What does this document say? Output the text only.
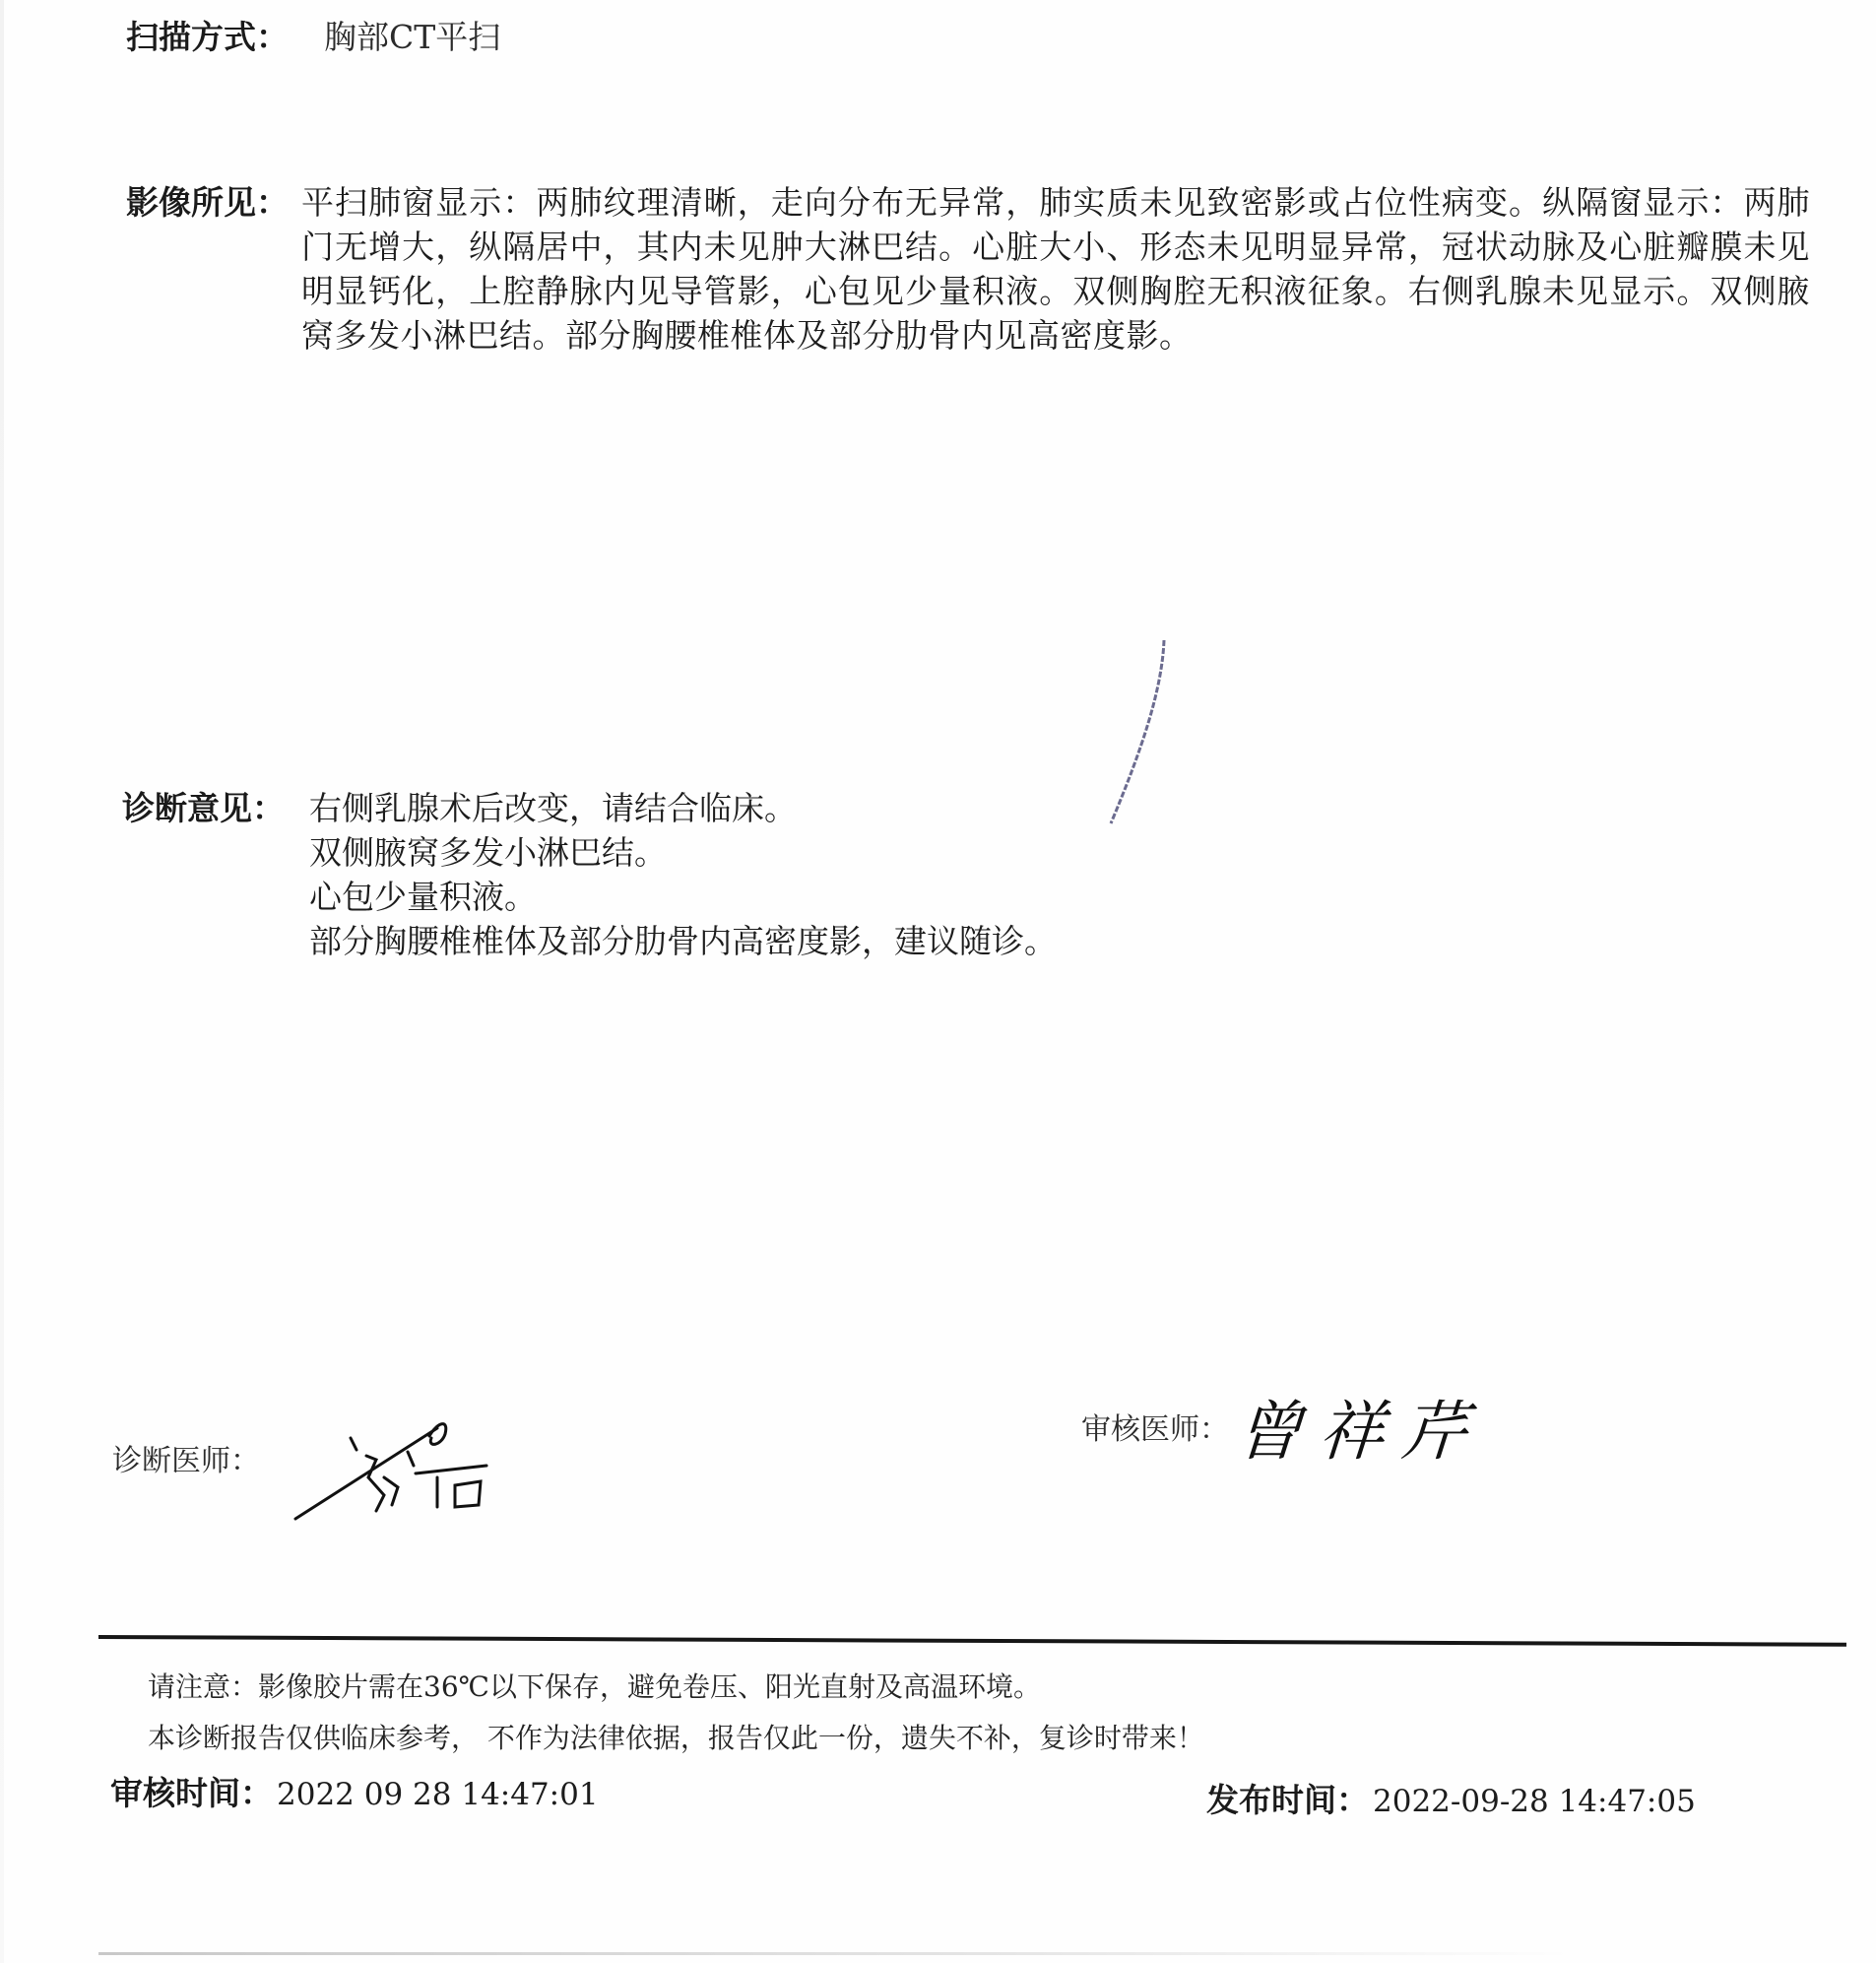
扫描方式： 胸部CT平扫
影像所见： 平扫肺窗显示：两肺纹理清晰，走向分布无异常，肺实质未见致密影或占位性病变。纵隔窗显示：两肺门无增大，纵隔居中，其内未见肿大淋巴结。心脏大小、形态未见明显异常，冠状动脉及心脏瓣膜未见明显钙化，上腔静脉内见导管影，心包见少量积液。双侧胸腔无积液征象。右侧乳腺未见显示。双侧腋窝多发小淋巴结。部分胸腰椎椎体及部分肋骨内见高密度影。
诊断意见： 右侧乳腺术后改变，请结合临床。
双侧腋窝多发小淋巴结。
心包少量积液。
部分胸腰椎椎体及部分肋骨内高密度影，建议随诊。
诊断医师：
审核医师： 曾祥芹
请注意：影像胶片需在36℃以下保存，避免卷压、阳光直射及高温环境。
本诊断报告仅供临床参考， 不作为法律依据，报告仅此一份，遗失不补，复诊时带来！
审核时间： 2022 09 28 14:47:01	发布时间： 2022-09-28 14:47:05
